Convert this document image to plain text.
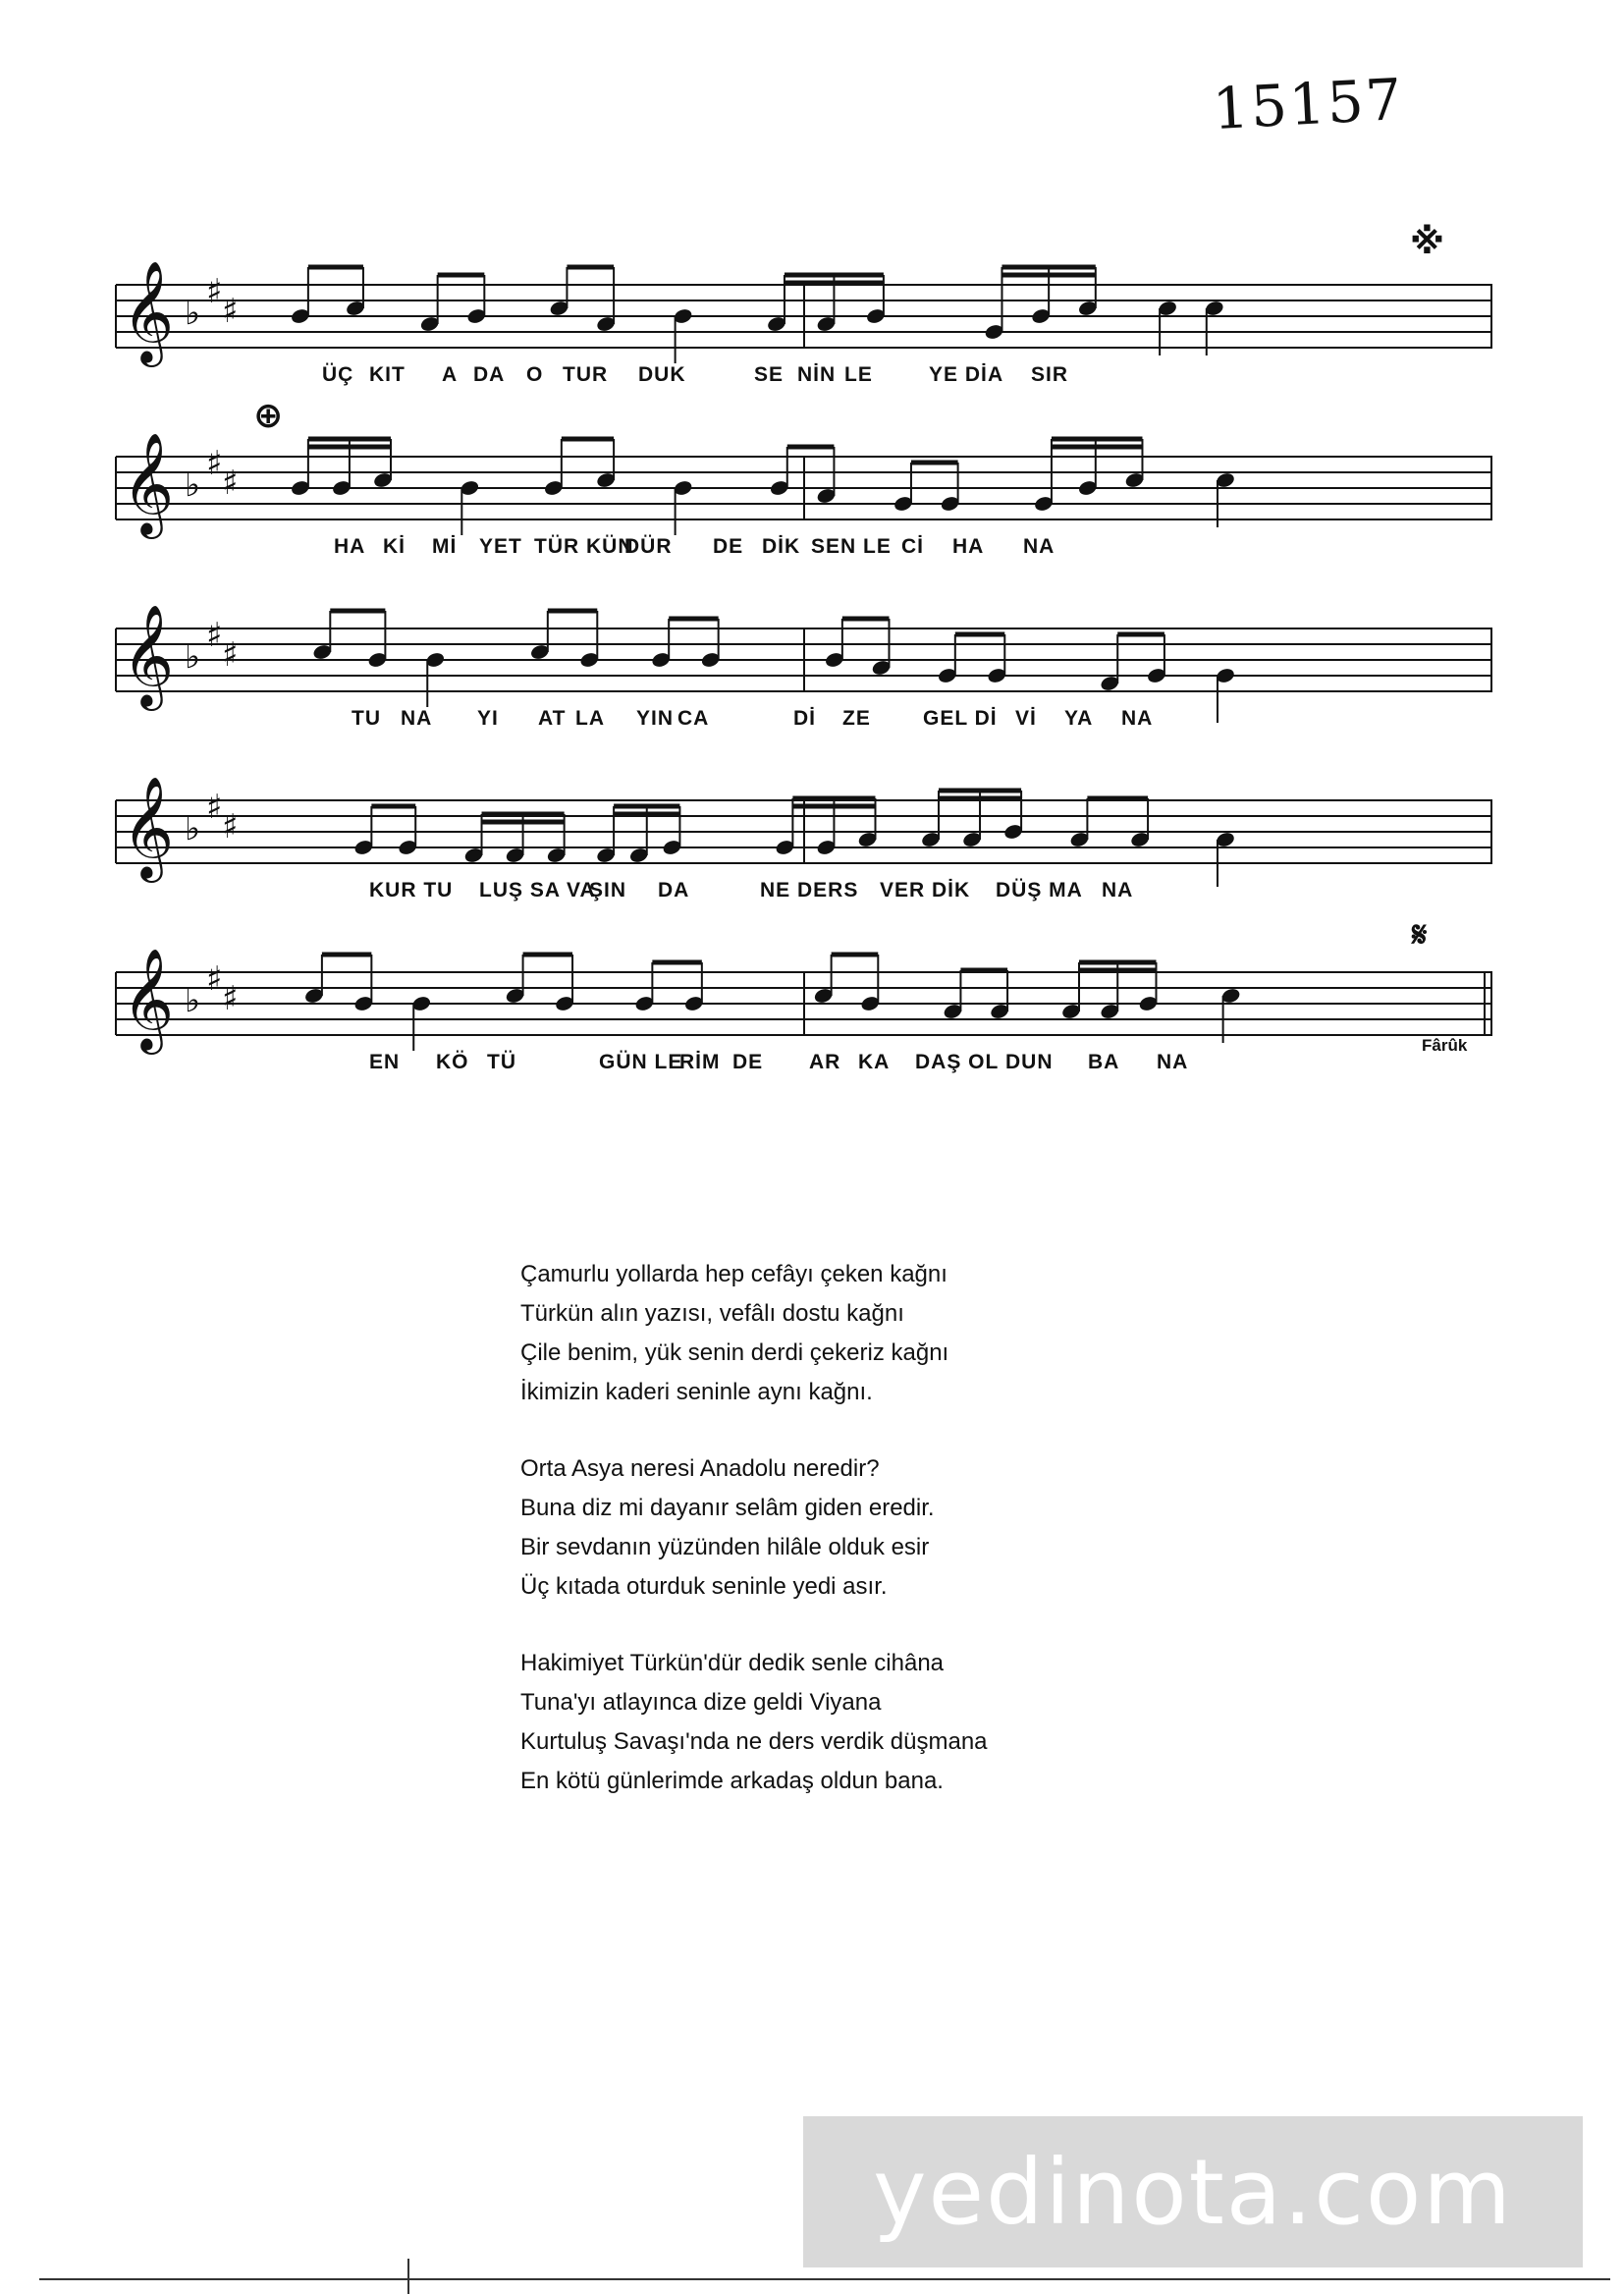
15157
𝄞 ♭
♯ ♯
※
ÜÇ KIT A DA O TUR DUK	SE NİN LE	YE Dİ A SIR
𝄞 ♭
♯ ♯
⊕
HA Kİ Mİ YET TÜR KÜN
DÜR DE DİK SEN LE Cİ HA NA
𝄞 ♭
♯ ♯
TU NA YI AT LA YIN CA	Dİ ZE	GEL Dİ Vİ YA NA
𝄞 ♭
♯ ♯
KUR TU LUŞ SA VA
ŞIN DA	NE DERS VER DİK DÜŞ MA NA
𝄞 ♭
♯ ♯
𝄋
EN KÖ TÜ	GÜN LE
RİM DE AR KA DAŞ OL DUN BA NA
Fârûk
Çamurlu yollarda hep cefâyı çeken kağnı
Türkün alın yazısı, vefâlı dostu kağnı
Çile benim, yük senin derdi çekeriz kağnı
İkimizin kaderi seninle aynı kağnı.
Orta Asya neresi Anadolu neredir?
Buna diz mi dayanır selâm giden eredir.
Bir sevdanın yüzünden hilâle olduk esir
Üç kıtada oturduk seninle yedi asır.
Hakimiyet Türkün'dür dedik senle cihâna
Tuna'yı atlayınca dize geldi Viyana
Kurtuluş Savaşı'nda ne ders verdik düşmana
En kötü günlerimde arkadaş oldun bana.
yedinota.com
